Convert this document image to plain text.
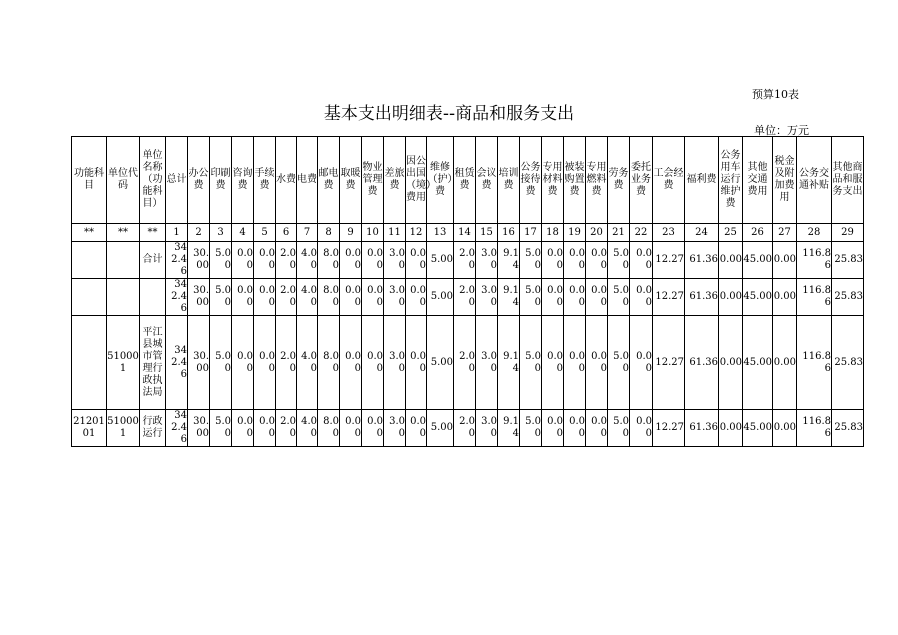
预算10表
基本支出明细表--商品和服务支出
单位：万元
功能科目	单位代码	单位名称（功能科目）	总计	办公费	印刷费	咨询费	手续费	水费	电费	邮电费	取暖费	物业管理费	差旅费	因公出国（境）费用	维修（护）费	租赁费	会议费	培训费	公务接待费	专用材料费	被装购置费	专用燃料费	劳务费	委托业务费	工会经费	福利费	公务用车运行维护费	其他交通费用	税金及附加费用	公务交通补贴	其他商品和服务支出
**	**	**	1	2	3	4	5	6	7	8	9	10	11	12	13	14	15	16	17	18	19	20	21	22	23	24	25	26	27	28	29
		合计	342.46	30.00	5.00	0.00	0.00	2.00	4.00	8.00	0.00	0.00	3.00	0.00	5.00	2.00	3.00	9.14	5.00	0.00	0.00	0.00	5.00	0.00	12.27	61.36	0.00	45.00	0.00	116.86	25.83
			342.46	30.00	5.00	0.00	0.00	2.00	4.00	8.00	0.00	0.00	3.00	0.00	5.00	2.00	3.00	9.14	5.00	0.00	0.00	0.00	5.00	0.00	12.27	61.36	0.00	45.00	0.00	116.86	25.83
	510001	平江县城市管理行政执法局	342.46	30.00	5.00	0.00	0.00	2.00	4.00	8.00	0.00	0.00	3.00	0.00	5.00	2.00	3.00	9.14	5.00	0.00	0.00	0.00	5.00	0.00	12.27	61.36	0.00	45.00	0.00	116.86	25.83
2120101	510001	行政运行	342.46	30.00	5.00	0.00	0.00	2.00	4.00	8.00	0.00	0.00	3.00	0.00	5.00	2.00	3.00	9.14	5.00	0.00	0.00	0.00	5.00	0.00	12.27	61.36	0.00	45.00	0.00	116.86	25.83
